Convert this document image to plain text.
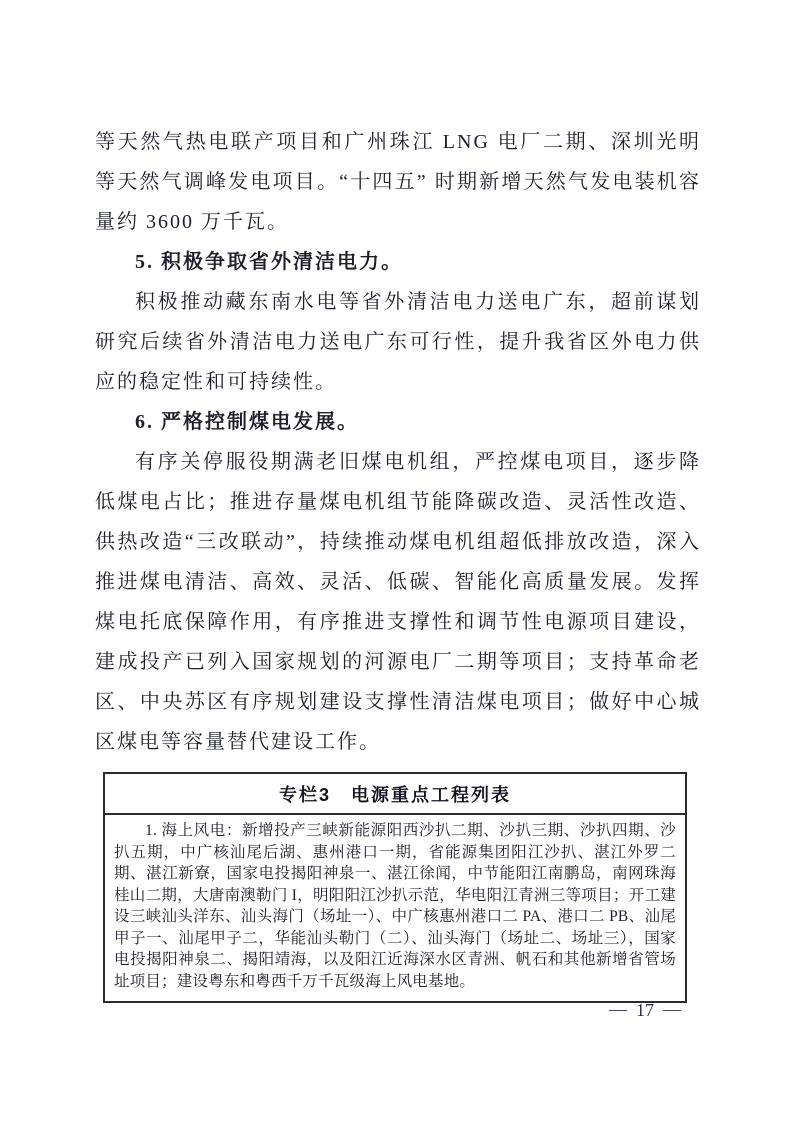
等天然气热电联产项目和广州珠江 LNG 电厂二期、深圳光明等天然气调峰发电项目。“十四五” 时期新增天然气发电装机容量约 3600 万千瓦。

5. 积极争取省外清洁电力。

积极推动藏东南水电等省外清洁电力送电广东，超前谋划研究后续省外清洁电力送电广东可行性，提升我省区外电力供应的稳定性和可持续性。

6. 严格控制煤电发展。

有序关停服役期满老旧煤电机组，严控煤电项目，逐步降低煤电占比；推进存量煤电机组节能降碳改造、灵活性改造、供热改造“三改联动”，持续推动煤电机组超低排放改造，深入推进煤电清洁、高效、灵活、低碳、智能化高质量发展。发挥煤电托底保障作用，有序推进支撑性和调节性电源项目建设，建成投产已列入国家规划的河源电厂二期等项目；支持革命老区、中央苏区有序规划建设支撑性清洁煤电项目；做好中心城区煤电等容量替代建设工作。

专栏3　电源重点工程列表
1. 海上风电：新增投产三峡新能源阳西沙扒二期、沙扒三期、沙扒四期、沙扒五期，中广核汕尾后湖、惠州港口一期，省能源集团阳江沙扒、湛江外罗二期、湛江新寮，国家电投揭阳神泉一、湛江徐闻，中节能阳江南鹏岛，南网珠海桂山二期，大唐南澳勒门 I，明阳阳江沙扒示范，华电阳江青洲三等项目；开工建设三峡汕头洋东、汕头海门（场址一）、中广核惠州港口二 PA、港口二 PB、汕尾甲子一、汕尾甲子二，华能汕头勒门（二）、汕头海门（场址二、场址三），国家电投揭阳神泉二、揭阳靖海，以及阳江近海深水区青洲、帆石和其他新增省管场址项目；建设粤东和粤西千万千瓦级海上风电基地。
— 17 —
